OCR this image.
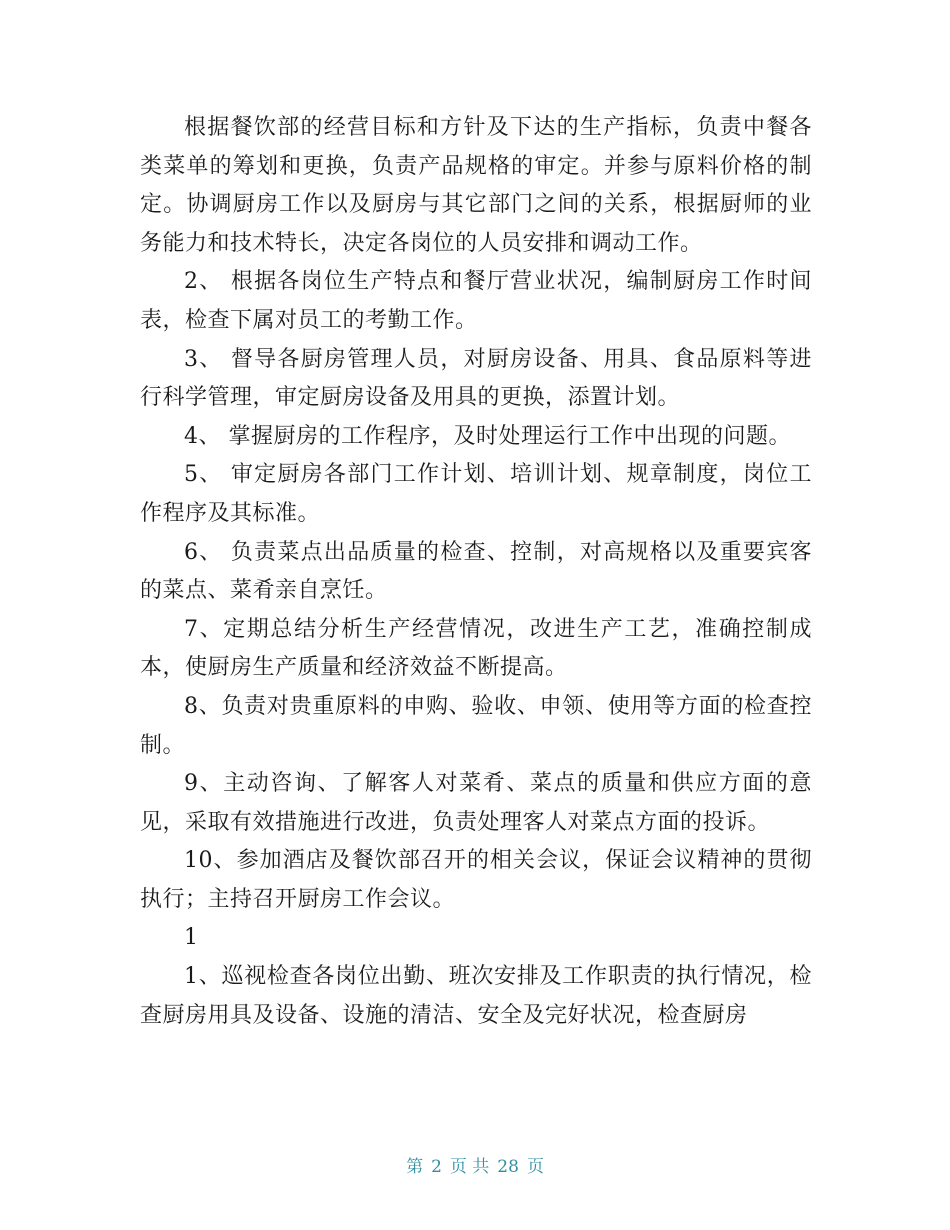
根据餐饮部的经营目标和方针及下达的生产指标，负责中餐各类菜单的筹划和更换，负责产品规格的审定。并参与原料价格的制定。协调厨房工作以及厨房与其它部门之间的关系，根据厨师的业务能力和技术特长，决定各岗位的人员安排和调动工作。

2、 根据各岗位生产特点和餐厅营业状况，编制厨房工作时间表，检查下属对员工的考勤工作。

3、 督导各厨房管理人员，对厨房设备、用具、食品原料等进行科学管理，审定厨房设备及用具的更换，添置计划。

4、 掌握厨房的工作程序，及时处理运行工作中出现的问题。

5、 审定厨房各部门工作计划、培训计划、规章制度，岗位工作程序及其标准。

6、 负责菜点出品质量的检查、控制，对高规格以及重要宾客的菜点、菜肴亲自烹饪。

7、定期总结分析生产经营情况，改进生产工艺，准确控制成本，使厨房生产质量和经济效益不断提高。

8、负责对贵重原料的申购、验收、申领、使用等方面的检查控制。

9、主动咨询、了解客人对菜肴、菜点的质量和供应方面的意见，采取有效措施进行改进，负责处理客人对菜点方面的投诉。

10、参加酒店及餐饮部召开的相关会议，保证会议精神的贯彻执行；主持召开厨房工作会议。

1

1、巡视检查各岗位出勤、班次安排及工作职责的执行情况，检查厨房用具及设备、设施的清洁、安全及完好状况，检查厨房

第 2 页 共 28 页
